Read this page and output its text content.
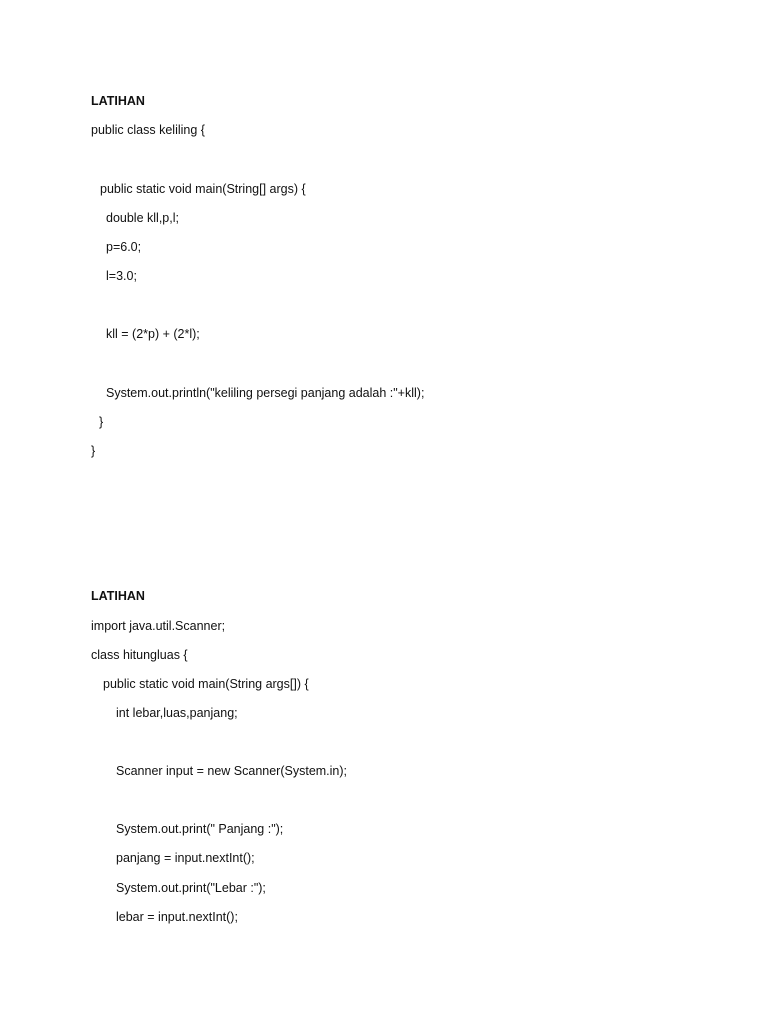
LATIHAN
public class keliling {
public static void main(String[] args) {
double kll,p,l;
p=6.0;
l=3.0;
kll = (2*p) + (2*l);
System.out.println("keliling persegi panjang adalah :"+kll);
}
}
LATIHAN
import java.util.Scanner;
class hitungluas {
public static void main(String args[]) {
int lebar,luas,panjang;
Scanner input = new Scanner(System.in);
System.out.print(" Panjang :");
panjang = input.nextInt();
System.out.print("Lebar :");
lebar = input.nextInt();
